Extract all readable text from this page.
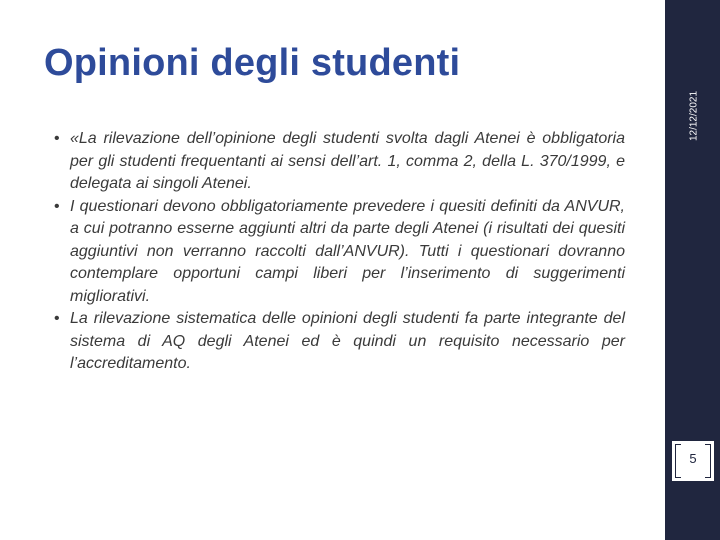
Opinioni degli studenti
• «La rilevazione dell’opinione degli studenti svolta dagli Atenei è obbligatoria per gli studenti frequentanti ai sensi dell’art. 1, comma 2, della L. 370/1999, e delegata ai singoli Atenei.
• I questionari devono obbligatoriamente prevedere i quesiti definiti da ANVUR, a cui potranno esserne aggiunti altri da parte degli Atenei (i risultati dei quesiti aggiuntivi non verranno raccolti dall’ANVUR). Tutti i questionari dovranno contemplare opportuni campi liberi per l’inserimento di suggerimenti migliorativi.
• La rilevazione sistematica delle opinioni degli studenti fa parte integrante del sistema di AQ degli Atenei ed è quindi un requisito necessario per l’accreditamento.
12/12/2021
5
